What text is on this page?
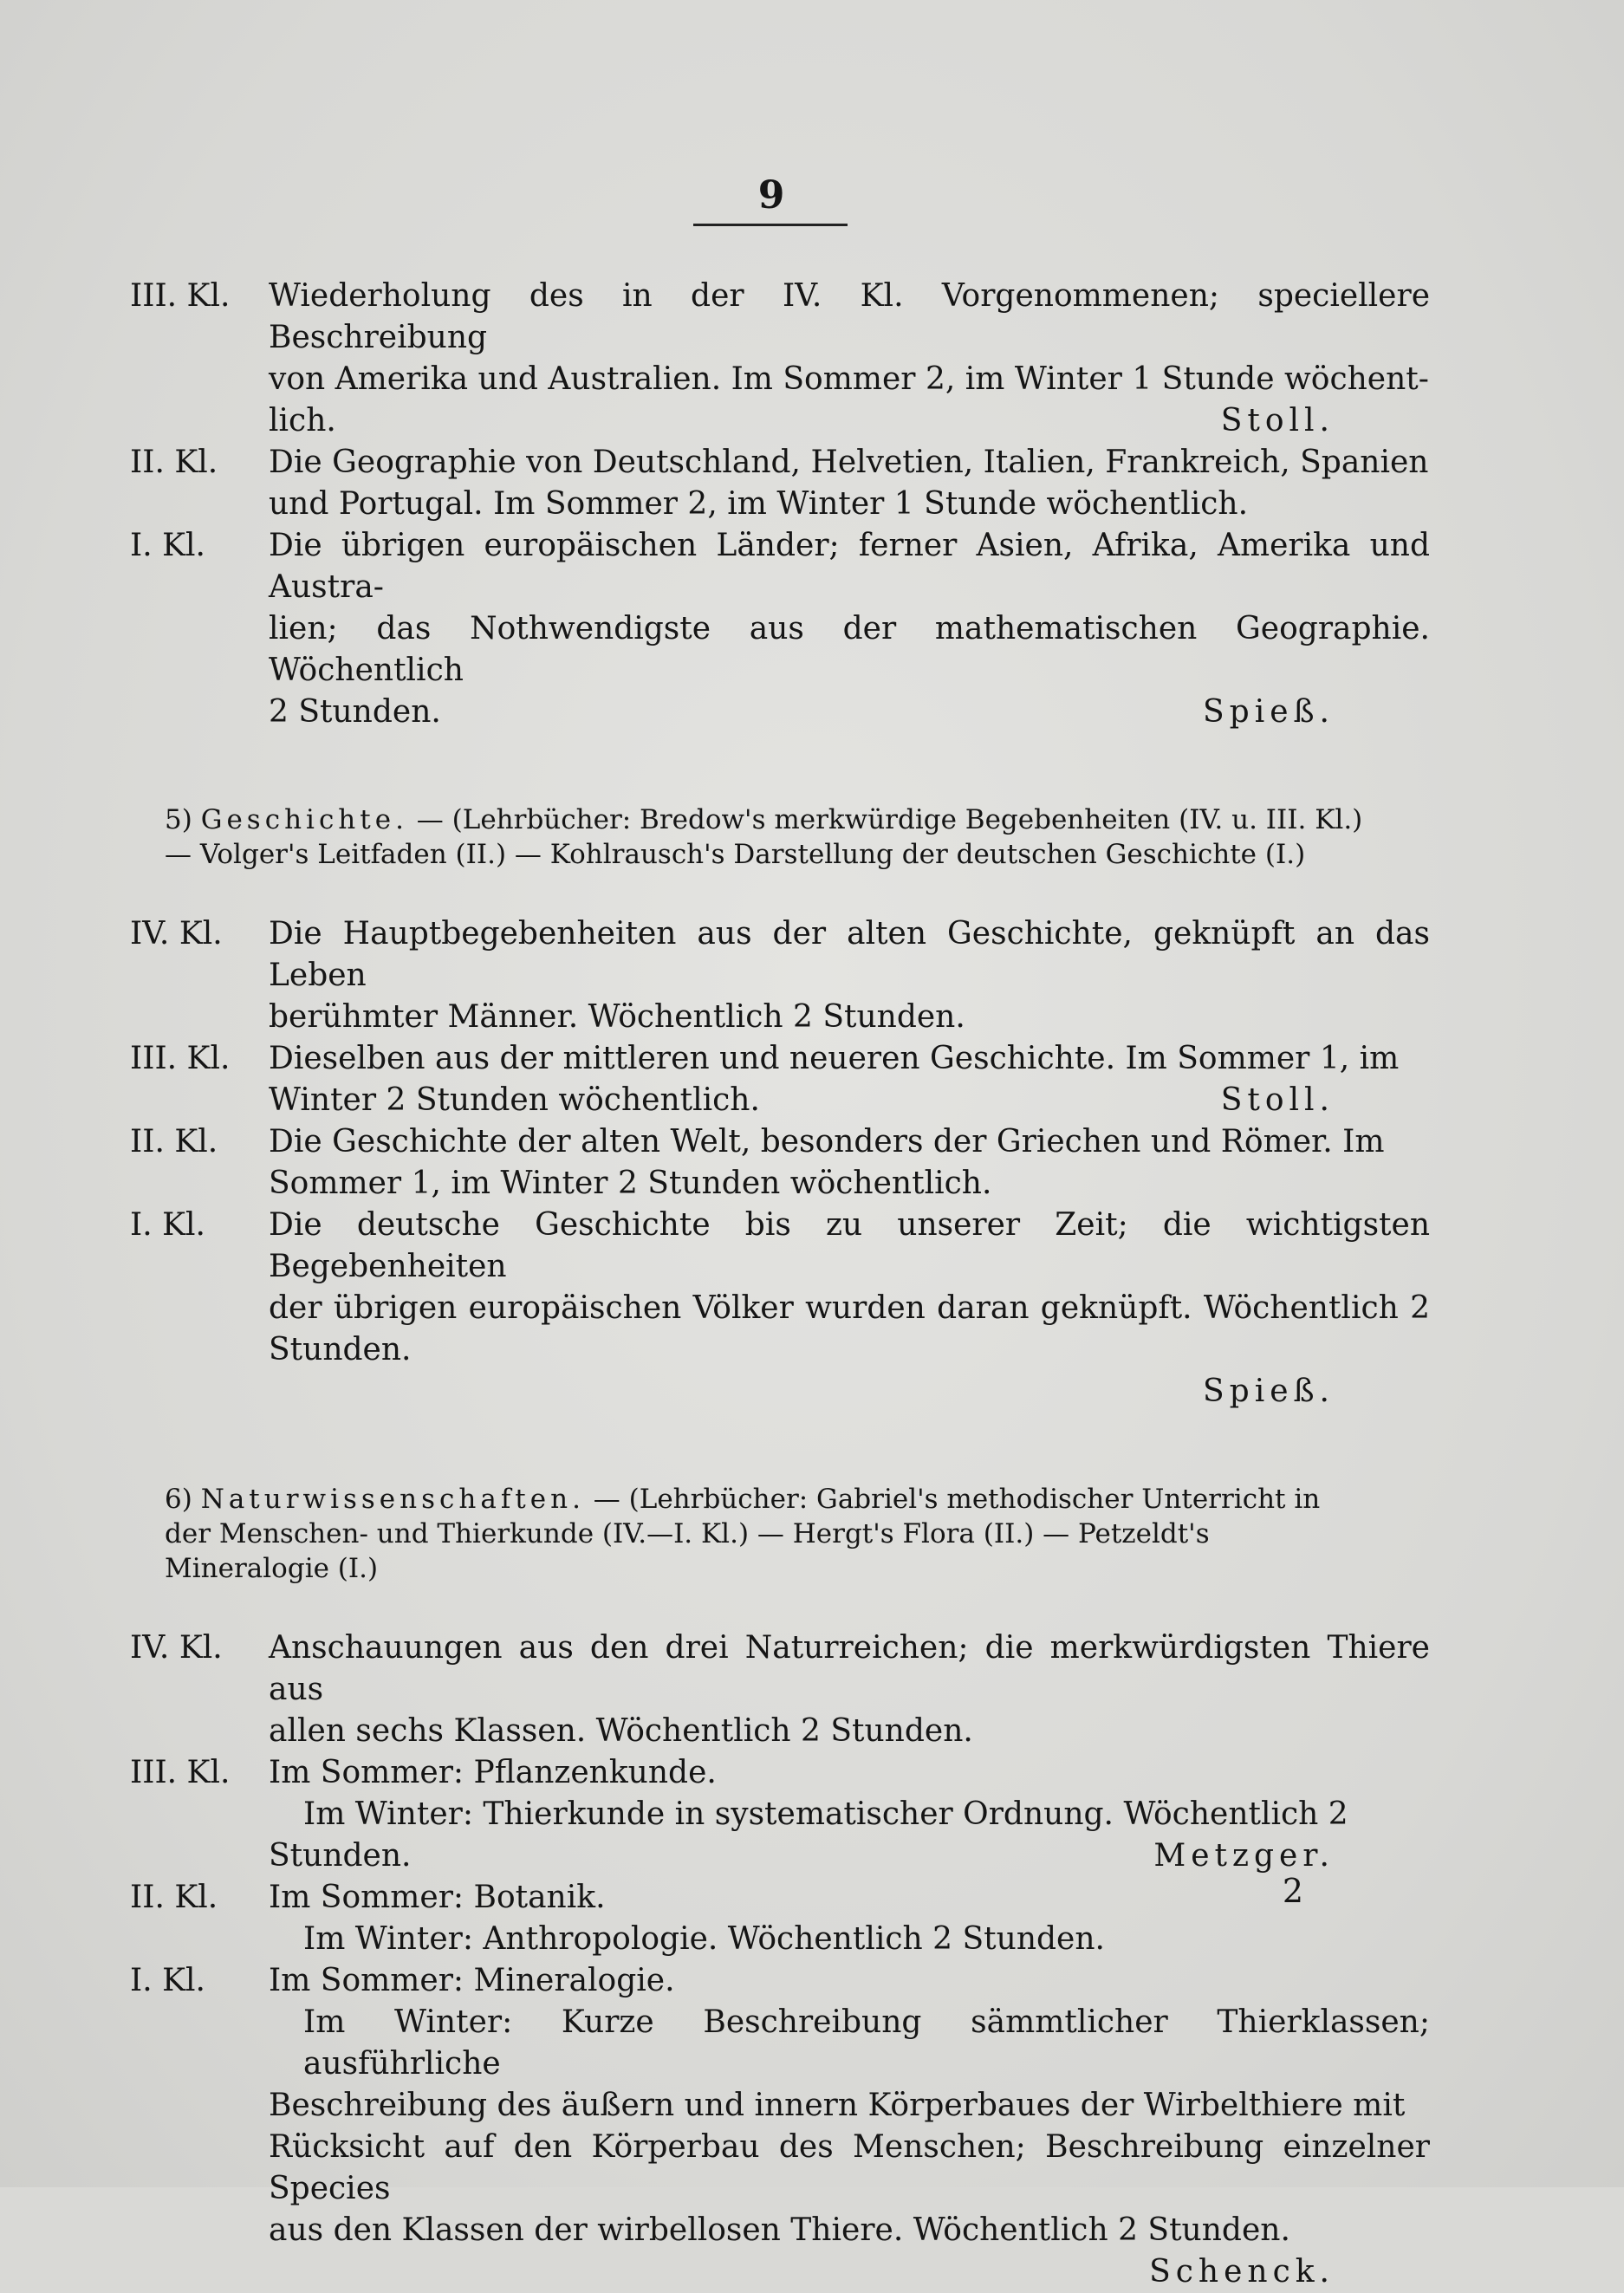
9
III. Kl.	Wiederholung des in der IV. Kl. Vorgenommenen; speciellere Beschreibung
von Amerika und Australien. Im Sommer 2, im Winter 1 Stunde wöchent-
lich.	Stoll.
II. Kl.	Die Geographie von Deutschland, Helvetien, Italien, Frankreich, Spanien
und Portugal. Im Sommer 2, im Winter 1 Stunde wöchentlich.
I. Kl.	Die übrigen europäischen Länder; ferner Asien, Afrika, Amerika und Austra-
lien; das Nothwendigste aus der mathematischen Geographie. Wöchentlich
2 Stunden.	Spieß.
5) Geschichte. — (Lehrbücher: Bredow's merkwürdige Begebenheiten (IV. u. III. Kl.)
— Volger's Leitfaden (II.) — Kohlrausch's Darstellung der deutschen Geschichte (I.)
IV. Kl.	Die Hauptbegebenheiten aus der alten Geschichte, geknüpft an das Leben
berühmter Männer. Wöchentlich 2 Stunden.
III. Kl.	Dieselben aus der mittleren und neueren Geschichte. Im Sommer 1, im
Winter 2 Stunden wöchentlich.	Stoll.
II. Kl.	Die Geschichte der alten Welt, besonders der Griechen und Römer. Im
Sommer 1, im Winter 2 Stunden wöchentlich.
I. Kl.	Die deutsche Geschichte bis zu unserer Zeit; die wichtigsten Begebenheiten
der übrigen europäischen Völker wurden daran geknüpft. Wöchentlich 2 Stunden.
Spieß.
6) Naturwissenschaften. — (Lehrbücher: Gabriel's methodischer Unterricht in
der Menschen- und Thierkunde (IV.—I. Kl.) — Hergt's Flora (II.) — Petzeldt's
Mineralogie (I.)
IV. Kl.	Anschauungen aus den drei Naturreichen; die merkwürdigsten Thiere aus
allen sechs Klassen. Wöchentlich 2 Stunden.
III. Kl.	Im Sommer: Pflanzenkunde.
Im Winter: Thierkunde in systematischer Ordnung. Wöchentlich 2
Stunden.	Metzger.
II. Kl.	Im Sommer: Botanik.
Im Winter: Anthropologie. Wöchentlich 2 Stunden.
I. Kl.	Im Sommer: Mineralogie.
Im Winter: Kurze Beschreibung sämmtlicher Thierklassen; ausführliche
Beschreibung des äußern und innern Körperbaues der Wirbelthiere mit
Rücksicht auf den Körperbau des Menschen; Beschreibung einzelner Species
aus den Klassen der wirbellosen Thiere. Wöchentlich 2 Stunden.
Schenck.
2
